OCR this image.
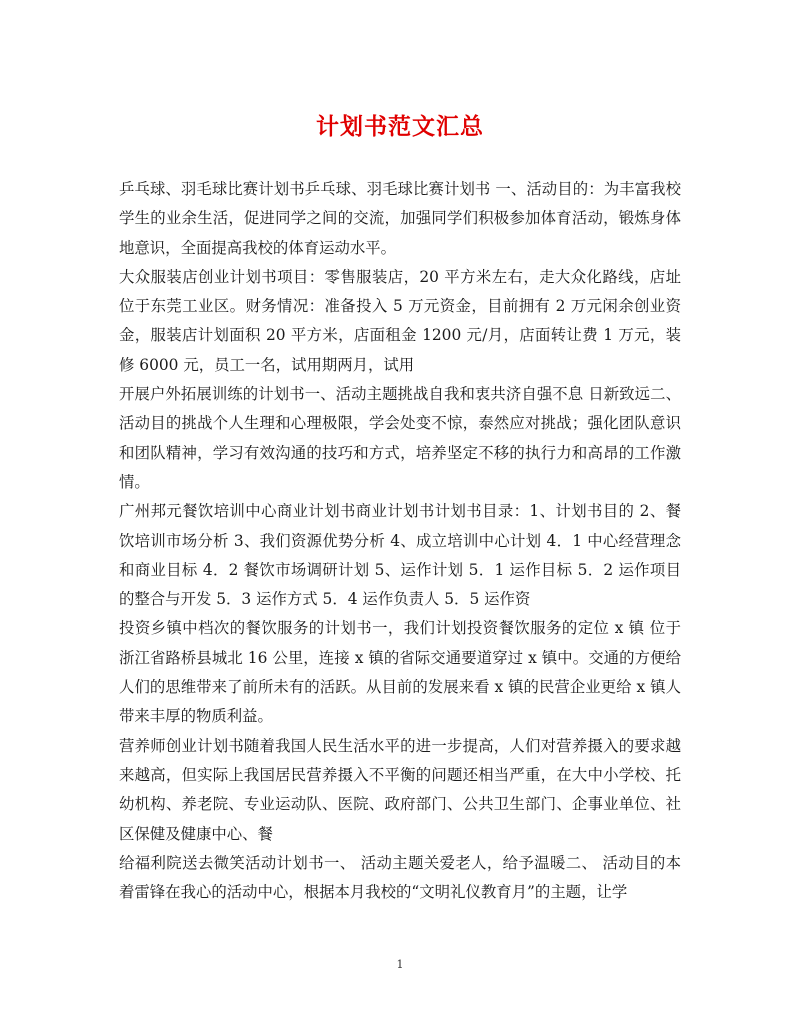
计划书范文汇总

乒乓球、羽毛球比赛计划书乒乓球、羽毛球比赛计划书 一、活动目的：为丰富我校学生的业余生活，促进同学之间的交流，加强同学们积极参加体育活动，锻炼身体地意识，全面提高我校的体育运动水平。

大众服装店创业计划书项目：零售服装店，20 平方米左右，走大众化路线，店址位于东莞工业区。财务情况：准备投入 5 万元资金，目前拥有 2 万元闲余创业资金，服装店计划面积 20 平方米，店面租金 1200 元/月，店面转让费 1 万元，装修 6000 元，员工一名，试用期两月，试用

开展户外拓展训练的计划书一、活动主题挑战自我和衷共济自强不息 日新致远二、活动目的挑战个人生理和心理极限，学会处变不惊，泰然应对挑战；强化团队意识和团队精神，学习有效沟通的技巧和方式，培养坚定不移的执行力和高昂的工作激情。

广州邦元餐饮培训中心商业计划书商业计划书计划书目录：1、计划书目的 2、餐饮培训市场分析 3、我们资源优势分析 4、成立培训中心计划 4．1 中心经营理念和商业目标 4．2 餐饮市场调研计划 5、运作计划 5．1 运作目标 5．2 运作项目的整合与开发 5．3 运作方式 5．4 运作负责人 5．5 运作资

投资乡镇中档次的餐饮服务的计划书一，我们计划投资餐饮服务的定位 x 镇 位于浙江省路桥县城北 16 公里，连接 x 镇的省际交通要道穿过 x 镇中。交通的方便给人们的思维带来了前所未有的活跃。从目前的发展来看 x 镇的民营企业更给 x 镇人带来丰厚的物质利益。

营养师创业计划书随着我国人民生活水平的进一步提高，人们对营养摄入的要求越来越高，但实际上我国居民营养摄入不平衡的问题还相当严重，在大中小学校、托幼机构、养老院、专业运动队、医院、政府部门、公共卫生部门、企事业单位、社区保健及健康中心、餐

给福利院送去微笑活动计划书一、 活动主题关爱老人，给予温暖二、 活动目的本着雷锋在我心的活动中心，根据本月我校的“文明礼仪教育月”的主题，让学

1
